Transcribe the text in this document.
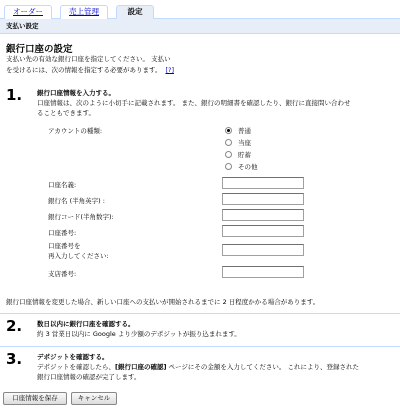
オーダー	売上管理	設定
支払い設定
銀行口座の設定
支払い先の有効な銀行口座を指定してください。 支払い
を受けるには、次の情報を指定する必要があります。 [?]
1. 銀行口座情報を入力する。
口座情報は、次のように小切手に記載されます。 また、銀行の明細書を確認したり、銀行に直接問い合わせ
ることもできます。
アカウントの種類:	普通
当座
貯蓄
その他
口座名義:
銀行名 (半角英字) :
銀行コード(半角数字):
口座番号:
口座番号を
再入力してください:
支店番号:
銀行口座情報を変更した場合、新しい口座への支払いが開始されるまでに 2 日程度かかる場合があります。
2. 数日以内に銀行口座を確認する。
約 3 営業日以内に Google より少額のデポジットが振り込まれます。
3. デポジットを確認する。
デポジットを確認したら、[銀行口座の確認] ページにその金額を入力してください。 これにより、登録された
銀行口座情報の確認が完了します。
口座情報を保存	キャンセル
